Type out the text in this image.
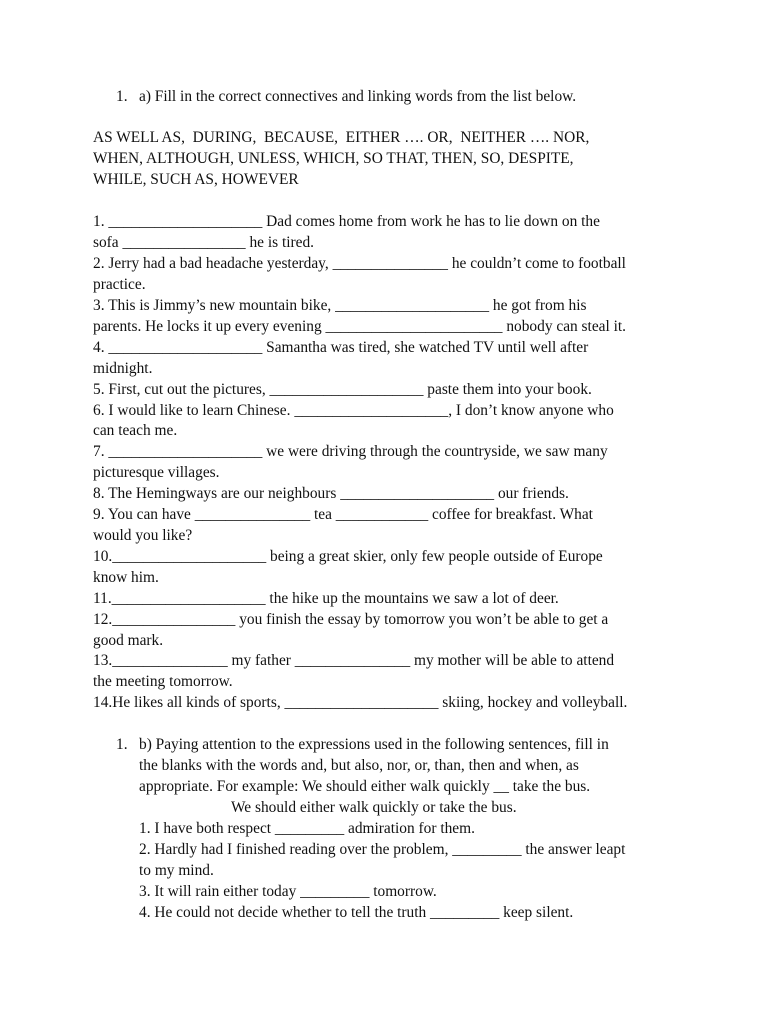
1. a) Fill in the correct connectives and linking words from the list below.
AS WELL AS,  DURING,  BECAUSE,  EITHER …. OR,  NEITHER …. NOR,
WHEN, ALTHOUGH, UNLESS, WHICH, SO THAT, THEN, SO, DESPITE,
WHILE, SUCH AS, HOWEVER
1. ____________________ Dad comes home from work he has to lie down on the
sofa ________________ he is tired.
2. Jerry had a bad headache yesterday, _______________ he couldn’t come to football
practice.
3. This is Jimmy’s new mountain bike, ____________________ he got from his
parents. He locks it up every evening _______________________ nobody can steal it.
4. ____________________ Samantha was tired, she watched TV until well after
midnight.
5. First, cut out the pictures, ____________________ paste them into your book.
6. I would like to learn Chinese. ____________________, I don’t know anyone who
can teach me.
7. ____________________ we were driving through the countryside, we saw many
picturesque villages.
8. The Hemingways are our neighbours ____________________ our friends.
9. You can have _______________ tea ____________ coffee for breakfast. What
would you like?
10.____________________ being a great skier, only few people outside of Europe
know him.
11.____________________ the hike up the mountains we saw a lot of deer.
12.________________ you finish the essay by tomorrow you won’t be able to get a
good mark.
13._______________ my father _______________ my mother will be able to attend
the meeting tomorrow.
14.He likes all kinds of sports, ____________________ skiing, hockey and volleyball.
1. b) Paying attention to the expressions used in the following sentences, fill in
the blanks with the words and, but also, nor, or, than, then and when, as
appropriate. For example: We should either walk quickly __ take the bus.
We should either walk quickly or take the bus.
1. I have both respect _________ admiration for them.
2. Hardly had I finished reading over the problem, _________ the answer leapt
to my mind.
3. It will rain either today _________ tomorrow.
4. He could not decide whether to tell the truth _________ keep silent.
